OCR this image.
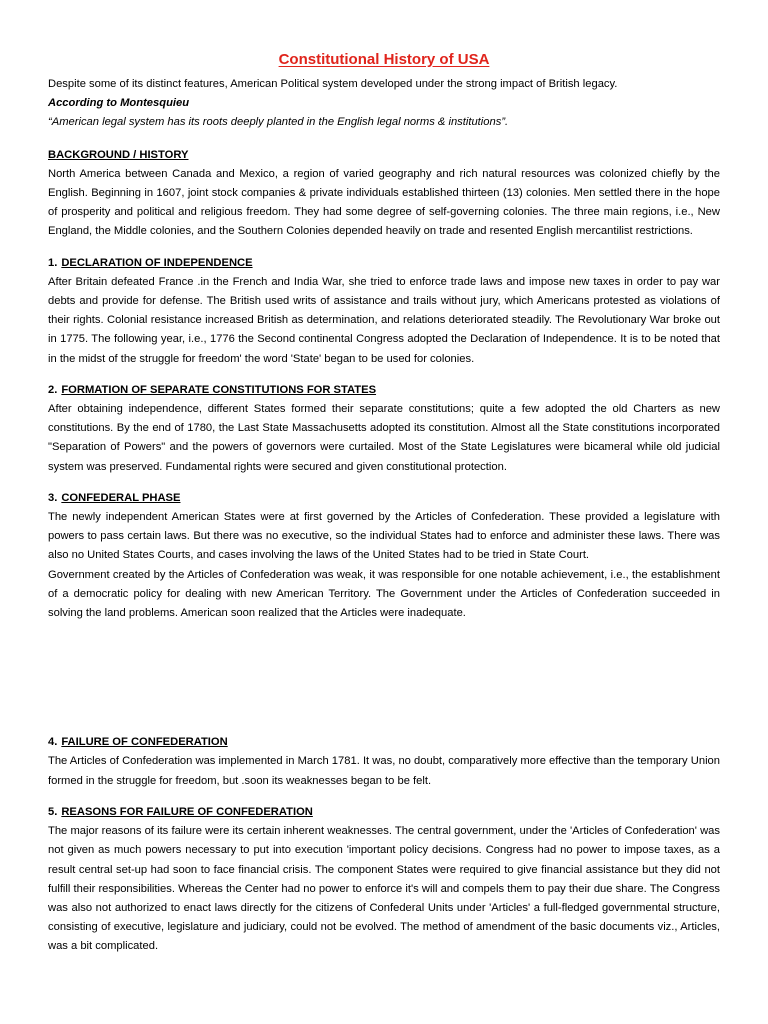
Constitutional History of USA

Despite some of its distinct features, American Political system developed under the strong impact of British legacy.

According to Montesquieu

“American legal system has its roots deeply planted in the English legal norms & institutions”.

BACKGROUND / HISTORY

North America between Canada and Mexico, a region of varied geography and rich natural resources was colonized chiefly by the English. Beginning in 1607, joint stock companies & private individuals established thirteen (13) colonies. Men settled there in the hope of prosperity and political and religious freedom. They had some degree of self-governing colonies. The three main regions, i.e., New England, the Middle colonies, and the Southern Colonies depended heavily on trade and resented English mercantilist restrictions.

1. DECLARATION OF INDEPENDENCE

After Britain defeated France .in the French and India War, she tried to enforce trade laws and impose new taxes in order to pay war debts and provide for defense. The British used writs of assistance and trails without jury, which Americans protested as violations of their rights. Colonial resistance increased British as determination, and relations deteriorated steadily. The Revolutionary War broke out in 1775. The following year, i.e., 1776 the Second continental Congress adopted the Declaration of Independence. It is to be noted that in the midst of the struggle for freedom' the word 'State' began to be used for colonies.

2. FORMATION OF SEPARATE CONSTITUTIONS FOR STATES

After obtaining independence, different States formed their separate constitutions; quite a few adopted the old Charters as new constitutions. By the end of 1780, the Last State Massachusetts adopted its constitution. Almost all the State constitutions incorporated "Separation of Powers" and the powers of governors were curtailed. Most of the State Legislatures were bicameral while old judicial system was preserved. Fundamental rights were secured and given constitutional protection.

3. CONFEDERAL PHASE

The newly independent American States were at first governed by the Articles of Confederation. These provided a legislature with powers to pass certain laws. But there was no executive, so the individual States had to enforce and administer these laws. There was also no United States Courts, and cases involving the laws of the United States had to be tried in State Court.

Government created by the Articles of Confederation was weak, it was responsible for one notable achievement, i.e., the establishment of a democratic policy for dealing with new American Territory. The Government under the Articles of Confederation succeeded in solving the land problems. American soon realized that the Articles were inadequate.

4. FAILURE OF CONFEDERATION

The Articles of Confederation was implemented in March 1781. It was, no doubt, comparatively more effective than the temporary Union formed in the struggle for freedom, but .soon its weaknesses began to be felt.

5. REASONS FOR FAILURE OF CONFEDERATION

The major reasons of its failure were its certain inherent weaknesses. The central government, under the 'Articles of Confederation' was not given as much powers necessary to put into execution 'important policy decisions. Congress had no power to impose taxes, as a result central set-up had soon to face financial crisis. The component States were required to give financial assistance but they did not fulfill their responsibilities. Whereas the Center had no power to enforce it's will and compels them to pay their due share. The Congress was also not authorized to enact laws directly for the citizens of Confederal Units under 'Articles' a full-fledged governmental structure, consisting of executive, legislature and judiciary, could not be evolved. The method of amendment of the basic documents viz., Articles, was a bit complicated.
